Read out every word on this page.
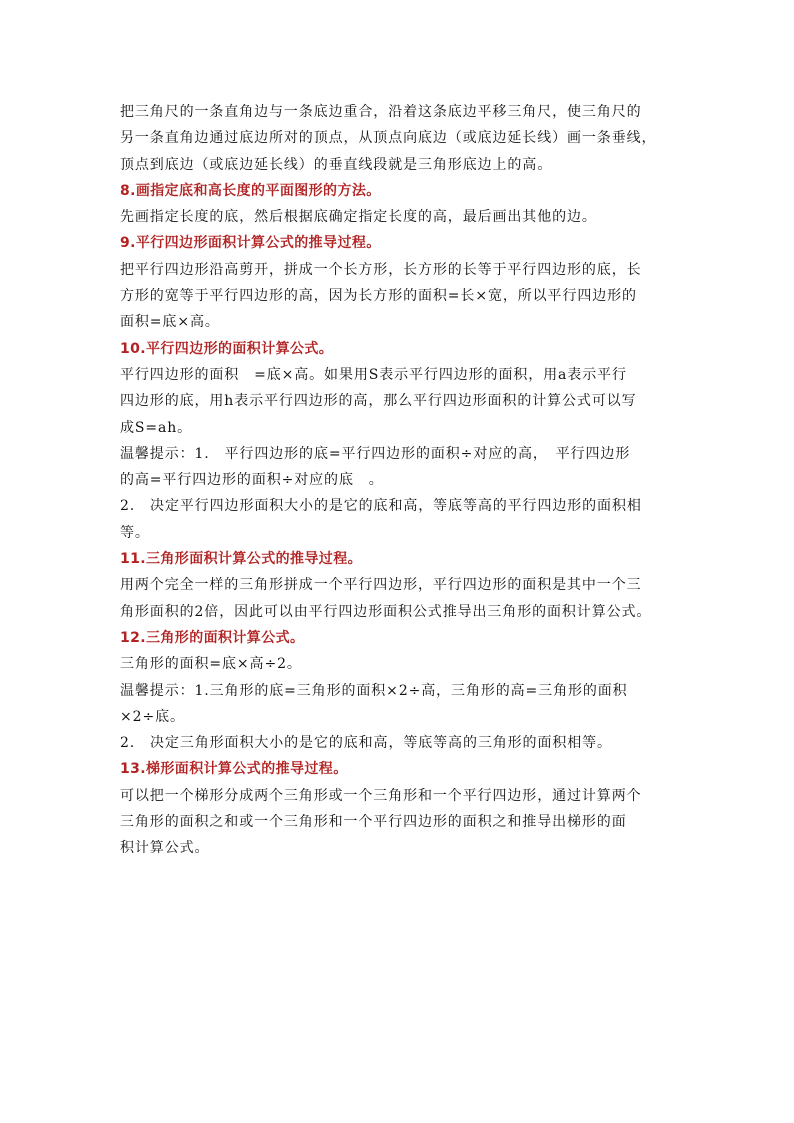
把三角尺的一条直角边与一条底边重合，沿着这条底边平移三角尺，使三角尺的
另一条直角边通过底边所对的顶点，从顶点向底边（或底边延长线）画一条垂线，
顶点到底边（或底边延长线）的垂直线段就是三角形底边上的高。
8.画指定底和高长度的平面图形的方法。
先画指定长度的底，然后根据底确定指定长度的高，最后画出其他的边。
9.平行四边形面积计算公式的推导过程。
把平行四边形沿高剪开，拼成一个长方形，长方形的长等于平行四边形的底，长
方形的宽等于平行四边形的高，因为长方形的面积=长×宽，所以平行四边形的
面积=底×高。
10.平行四边形的面积计算公式。
平行四边形的面积　=底×高。如果用S表示平行四边形的面积，用a表示平行
四边形的底，用h表示平行四边形的高，那么平行四边形面积的计算公式可以写
成S=ah。
温馨提示：1.　平行四边形的底=平行四边形的面积÷对应的高，　平行四边形
的高=平行四边形的面积÷对应的底　。
2.　决定平行四边形面积大小的是它的底和高，等底等高的平行四边形的面积相
等。
11.三角形面积计算公式的推导过程。
用两个完全一样的三角形拼成一个平行四边形，平行四边形的面积是其中一个三
角形面积的2倍，因此可以由平行四边形面积公式推导出三角形的面积计算公式。
12.三角形的面积计算公式。
三角形的面积=底×高÷2。
温馨提示：1.三角形的底=三角形的面积×2÷高，三角形的高=三角形的面积
×2÷底。
2.　决定三角形面积大小的是它的底和高，等底等高的三角形的面积相等。
13.梯形面积计算公式的推导过程。
可以把一个梯形分成两个三角形或一个三角形和一个平行四边形，通过计算两个
三角形的面积之和或一个三角形和一个平行四边形的面积之和推导出梯形的面
积计算公式。
